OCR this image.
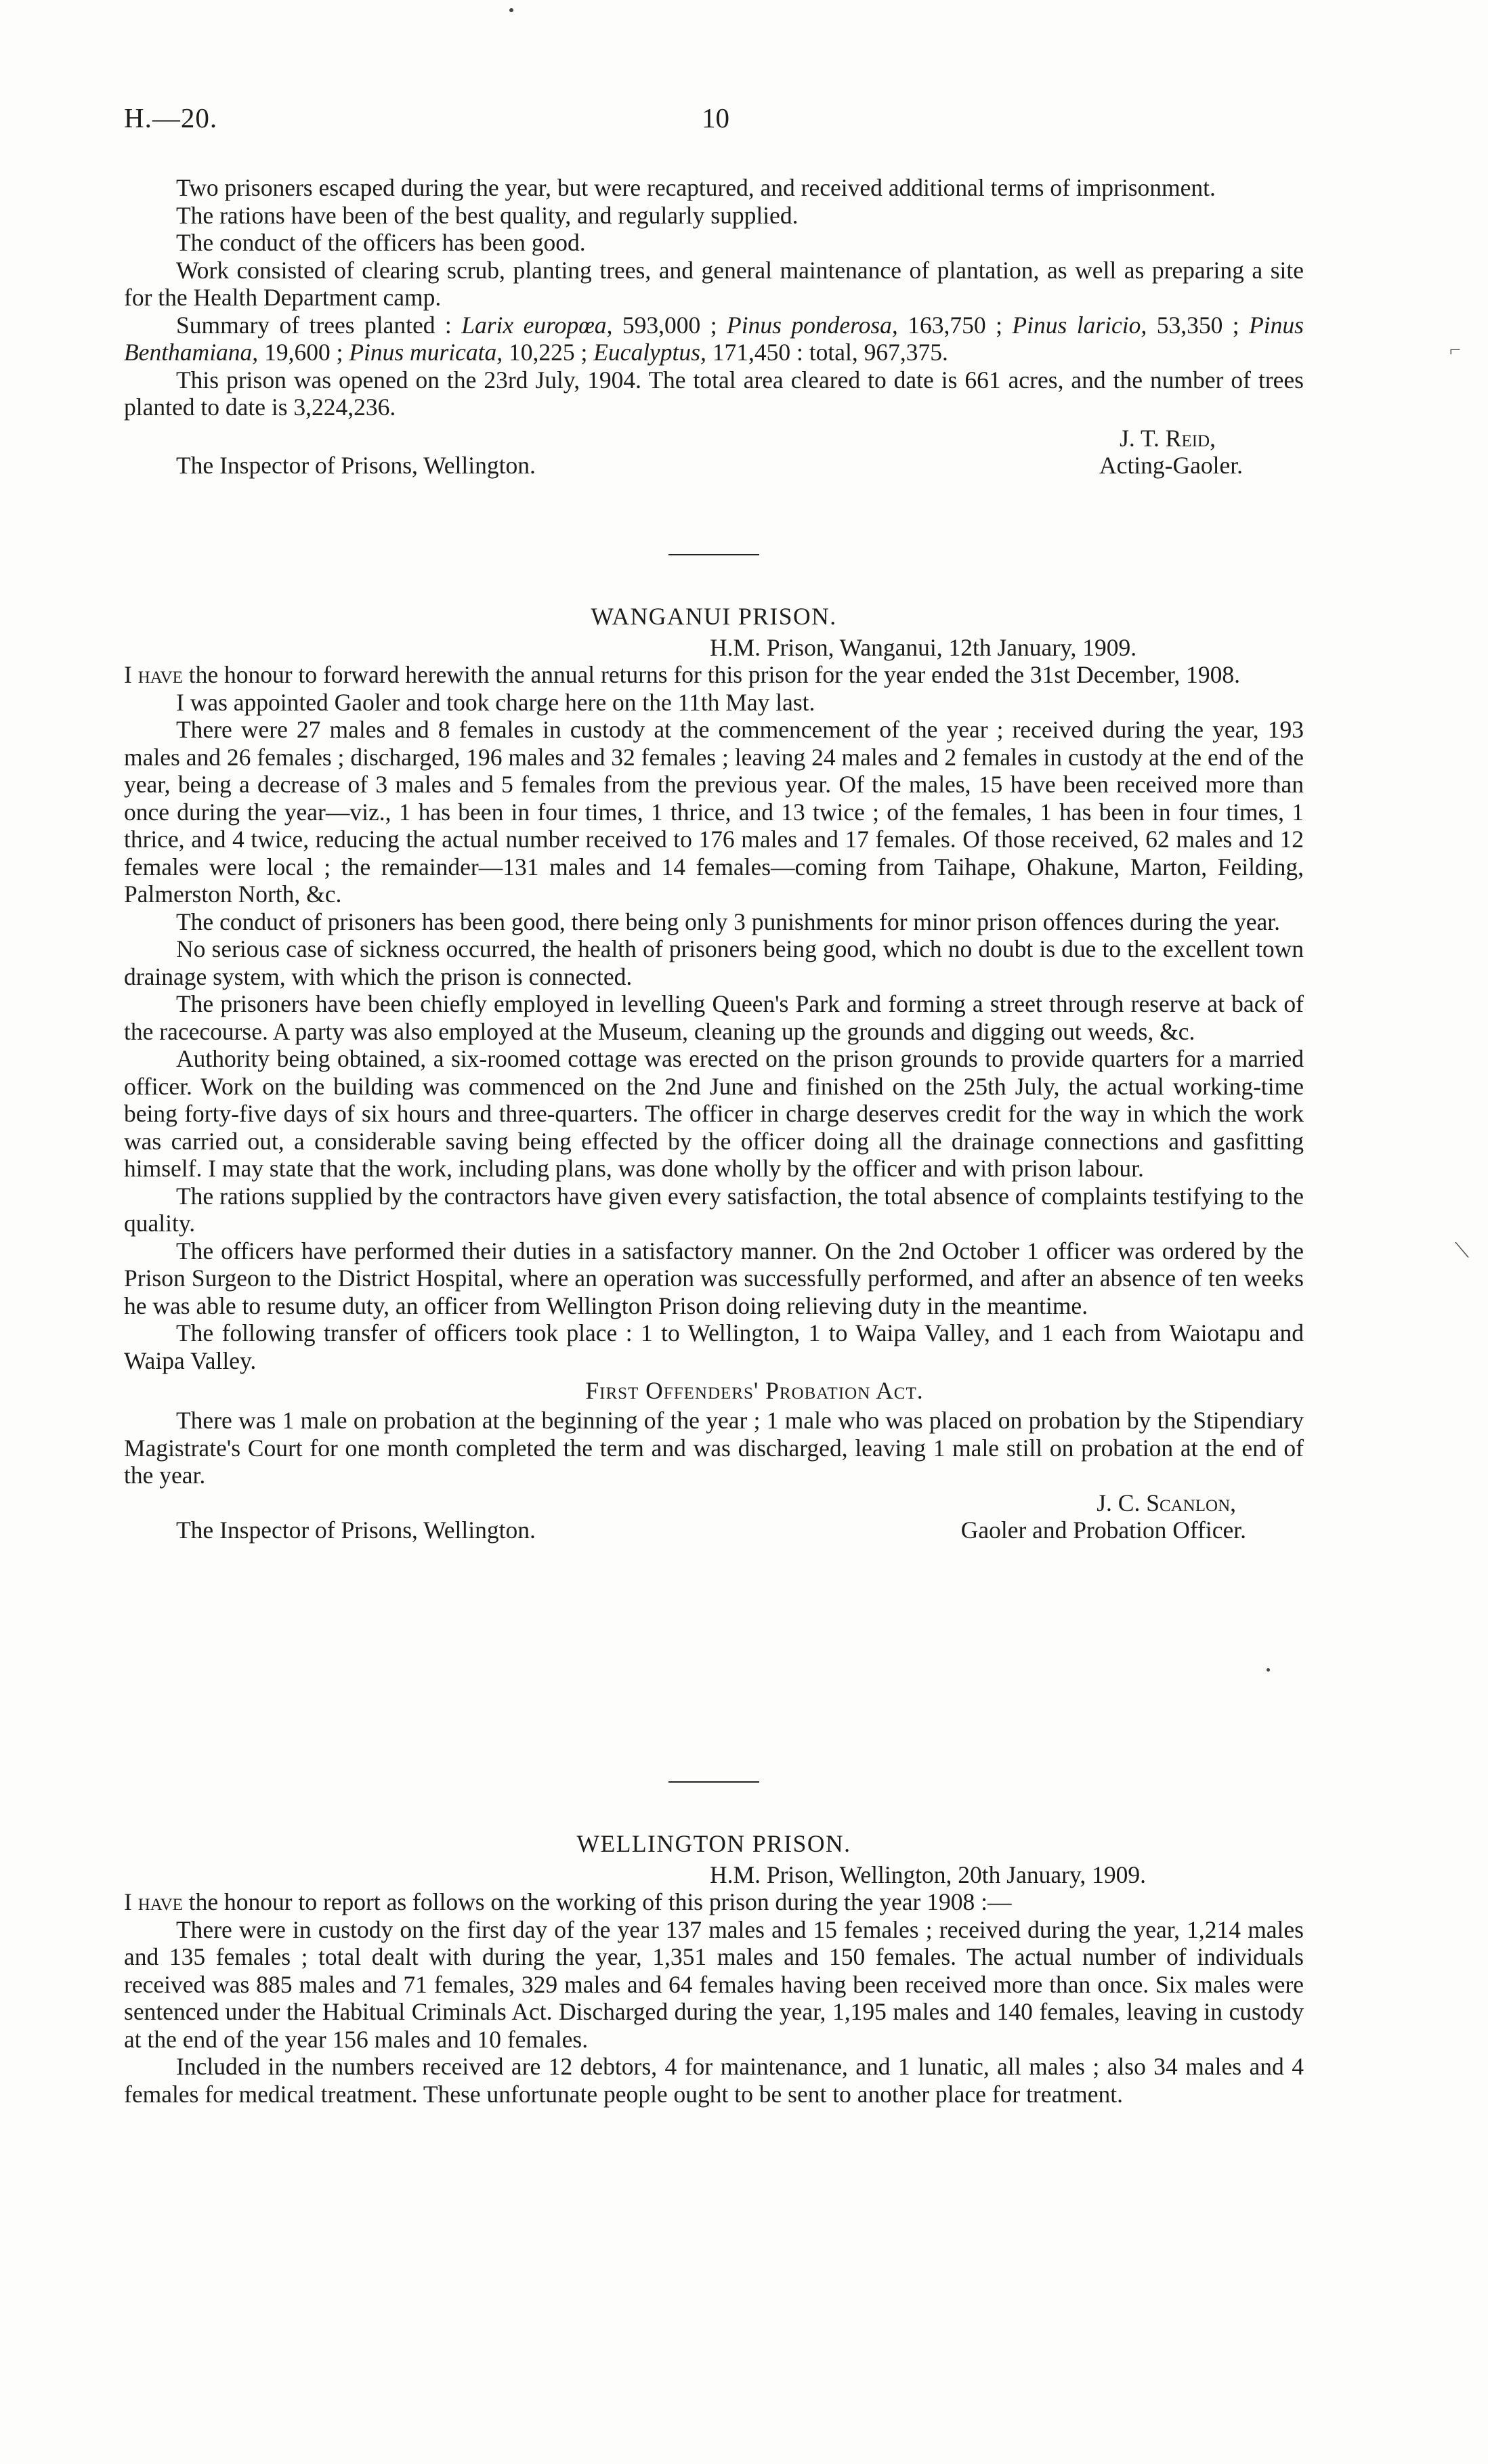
⌐
⟍
H.—20.	10

Two prisoners escaped during the year, but were recaptured, and received additional terms of imprisonment.

The rations have been of the best quality, and regularly supplied.

The conduct of the officers has been good.

Work consisted of clearing scrub, planting trees, and general maintenance of plantation, as well as preparing a site for the Health Department camp.

Summary of trees planted : Larix europœa, 593,000 ; Pinus ponderosa, 163,750 ; Pinus laricio, 53,350 ; Pinus Benthamiana, 19,600 ; Pinus muricata, 10,225 ; Eucalyptus, 171,450 : total, 967,375.

This prison was opened on the 23rd July, 1904. The total area cleared to date is 661 acres, and the number of trees planted to date is 3,224,236.

J. T. Reid,
The Inspector of Prisons, Wellington.	Acting-Gaoler.
WANGANUI PRISON.
H.M. Prison, Wanganui, 12th January, 1909.

I have the honour to forward herewith the annual returns for this prison for the year ended the 31st December, 1908.

I was appointed Gaoler and took charge here on the 11th May last.

There were 27 males and 8 females in custody at the commencement of the year ; received during the year, 193 males and 26 females ; discharged, 196 males and 32 females ; leaving 24 males and 2 females in custody at the end of the year, being a decrease of 3 males and 5 females from the previous year. Of the males, 15 have been received more than once during the year—viz., 1 has been in four times, 1 thrice, and 13 twice ; of the females, 1 has been in four times, 1 thrice, and 4 twice, reducing the actual number received to 176 males and 17 females. Of those received, 62 males and 12 females were local ; the remainder—131 males and 14 females—coming from Taihape, Ohakune, Marton, Feilding, Palmerston North, &c.

The conduct of prisoners has been good, there being only 3 punishments for minor prison offences during the year.

No serious case of sickness occurred, the health of prisoners being good, which no doubt is due to the excellent town drainage system, with which the prison is connected.

The prisoners have been chiefly employed in levelling Queen's Park and forming a street through reserve at back of the racecourse. A party was also employed at the Museum, cleaning up the grounds and digging out weeds, &c.

Authority being obtained, a six-roomed cottage was erected on the prison grounds to provide quarters for a married officer. Work on the building was commenced on the 2nd June and finished on the 25th July, the actual working-time being forty-five days of six hours and three-quarters. The officer in charge deserves credit for the way in which the work was carried out, a considerable saving being effected by the officer doing all the drainage connections and gasfitting himself. I may state that the work, including plans, was done wholly by the officer and with prison labour.

The rations supplied by the contractors have given every satisfaction, the total absence of complaints testifying to the quality.

The officers have performed their duties in a satisfactory manner. On the 2nd October 1 officer was ordered by the Prison Surgeon to the District Hospital, where an operation was successfully performed, and after an absence of ten weeks he was able to resume duty, an officer from Wellington Prison doing relieving duty in the meantime.

The following transfer of officers took place : 1 to Wellington, 1 to Waipa Valley, and 1 each from Waiotapu and Waipa Valley.

First Offenders' Probation Act.

There was 1 male on probation at the beginning of the year ; 1 male who was placed on probation by the Stipendiary Magistrate's Court for one month completed the term and was discharged, leaving 1 male still on probation at the end of the year.

J. C. Scanlon,
The Inspector of Prisons, Wellington.	Gaoler and Probation Officer.
WELLINGTON PRISON.
H.M. Prison, Wellington, 20th January, 1909.

I have the honour to report as follows on the working of this prison during the year 1908 :—

There were in custody on the first day of the year 137 males and 15 females ; received during the year, 1,214 males and 135 females ; total dealt with during the year, 1,351 males and 150 females. The actual number of individuals received was 885 males and 71 females, 329 males and 64 females having been received more than once. Six males were sentenced under the Habitual Criminals Act. Discharged during the year, 1,195 males and 140 females, leaving in custody at the end of the year 156 males and 10 females.

Included in the numbers received are 12 debtors, 4 for maintenance, and 1 lunatic, all males ; also 34 males and 4 females for medical treatment. These unfortunate people ought to be sent to another place for treatment.
